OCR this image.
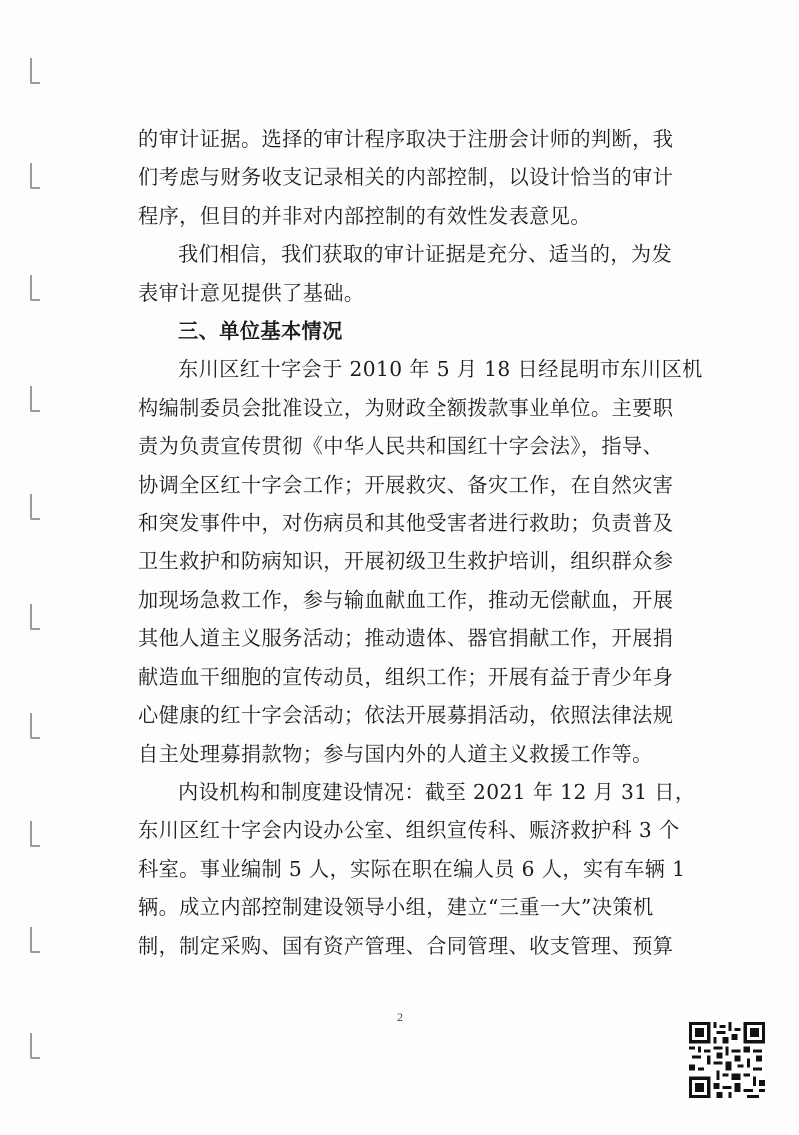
的审计证据。选择的审计程序取决于注册会计师的判断，我
们考虑与财务收支记录相关的内部控制，以设计恰当的审计
程序，但目的并非对内部控制的有效性发表意见。
我们相信，我们获取的审计证据是充分、适当的，为发
表审计意见提供了基础。
三、单位基本情况
东川区红十字会于 2010 年 5 月 18 日经昆明市东川区机
构编制委员会批准设立，为财政全额拨款事业单位。主要职
责为负责宣传贯彻《中华人民共和国红十字会法》，指导、
协调全区红十字会工作；开展救灾、备灾工作，在自然灾害
和突发事件中，对伤病员和其他受害者进行救助；负责普及
卫生救护和防病知识，开展初级卫生救护培训，组织群众参
加现场急救工作，参与输血献血工作，推动无偿献血，开展
其他人道主义服务活动；推动遗体、器官捐献工作，开展捐
献造血干细胞的宣传动员，组织工作；开展有益于青少年身
心健康的红十字会活动；依法开展募捐活动，依照法律法规
自主处理募捐款物；参与国内外的人道主义救援工作等。
内设机构和制度建设情况：截至 2021 年 12 月 31 日，
东川区红十字会内设办公室、组织宣传科、赈济救护科 3 个
科室。事业编制 5 人，实际在职在编人员 6 人，实有车辆 1
辆。成立内部控制建设领导小组，建立“三重一大”决策机
制，制定采购、国有资产管理、合同管理、收支管理、预算
2
